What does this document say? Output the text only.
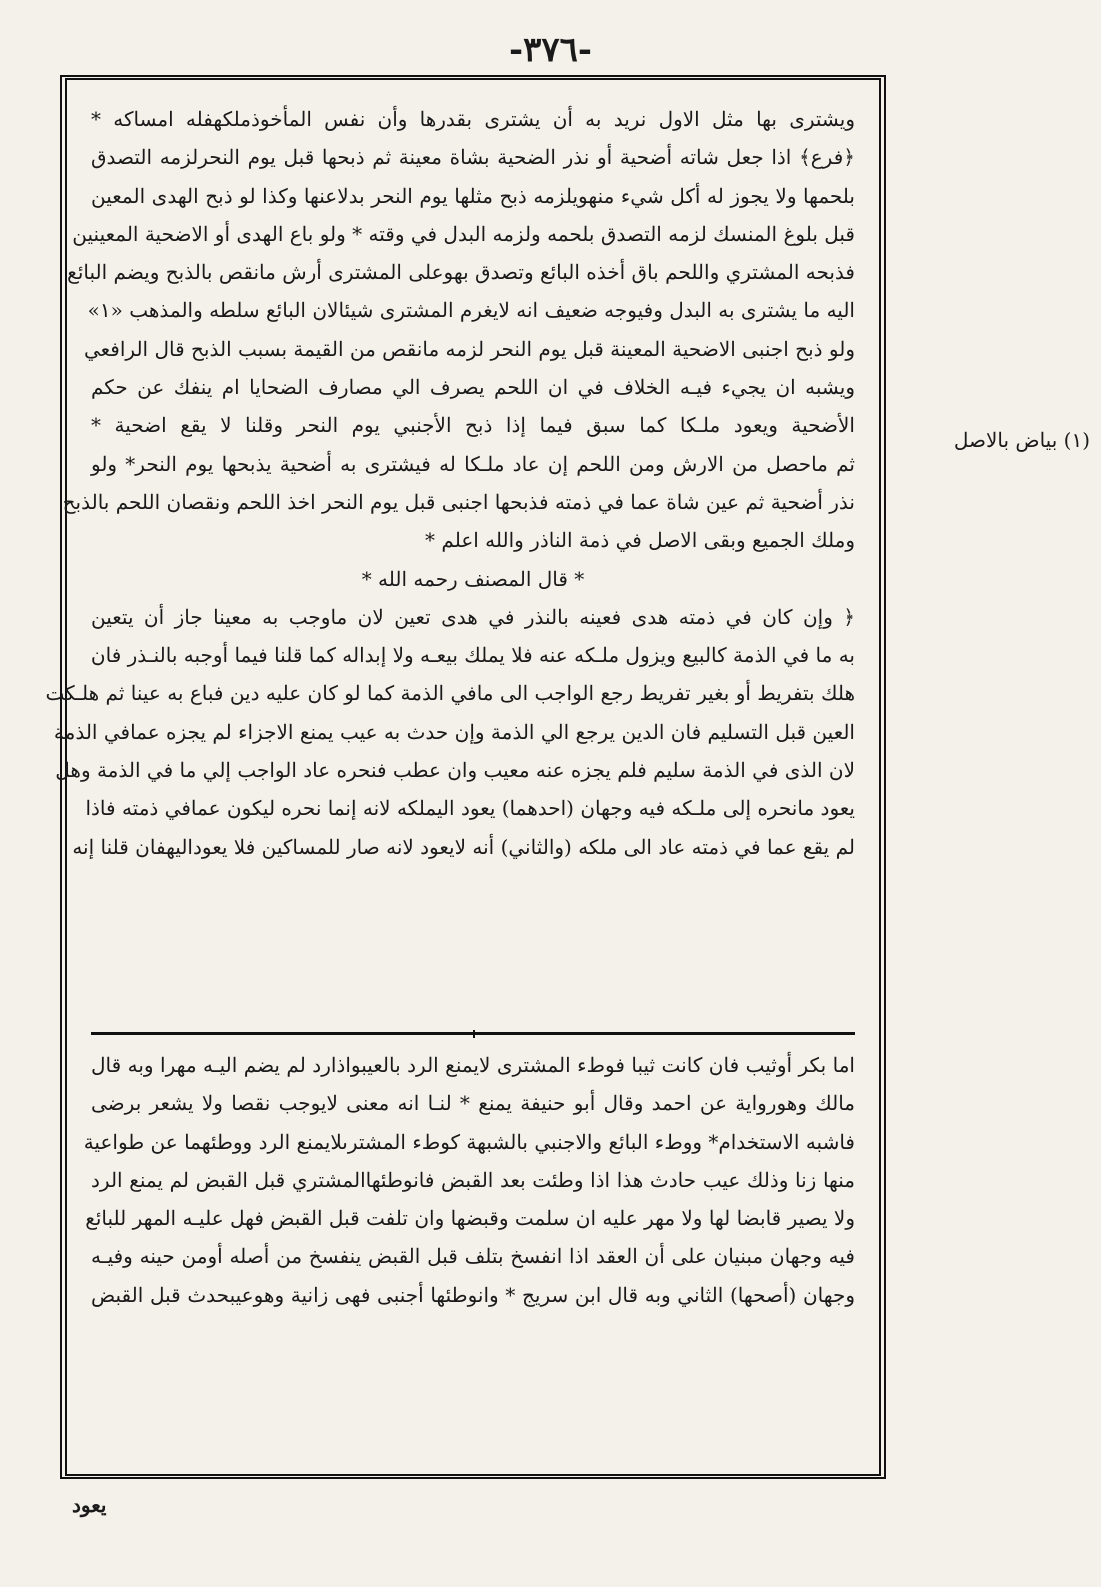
-٣٧٦-
(١) بياض بالاصل

ويشترى بها مثل الاول نريد به أن يشترى بقدرها وأن نفس المأخوذملكهفله امساكه *

﴿فرع﴾ اذا جعل شاته أضحية أو نذر الضحية بشاة معينة ثم ذبحها قبل يوم النحرلزمه التصدق

بلحمها ولا يجوز له أكل شيء منهويلزمه ذبح مثلها يوم النحر بدلاعنها وكذا لو ذبح الهدى المعين

قبل بلوغ المنسك لزمه التصدق بلحمه ولزمه البدل في وقته * ولو باع الهدى أو الاضحية المعينين

فذبحه المشتري واللحم باق أخذه البائع وتصدق بهوعلى المشترى أرش مانقص بالذبح ويضم البائع

اليه ما يشترى به البدل وفيوجه ضعيف انه لايغرم المشترى شيئالان البائع سلطه والمذهب «١»

ولو ذبح اجنبى الاضحية المعينة قبل يوم النحر لزمه مانقص من القيمة بسبب الذبح قال الرافعي

ويشبه ان يجيء فيـه الخلاف في ان اللحم يصرف الي مصارف الضحايا ام ينفك عن حكم

الأضحية ويعود ملـكا كما سبق فيما إذا ذبح الأجنبي يوم النحر وقلنا لا يقع اضحية *

ثم ماحصل من الارش ومن اللحم إن عاد ملـكا له فيشترى به أضحية يذبحها يوم النحر* ولو

نذر أضحية ثم عين شاة عما في ذمته فذبحها اجنبى قبل يوم النحر اخذ اللحم ونقصان اللحم بالذبح

وملك الجميع وبقى الاصل في ذمة الناذر والله اعلم *

* قال المصنف رحمه الله *

﴿ وإن كان في ذمته هدى فعينه بالنذر في هدى تعين لان ماوجب به معينا جاز أن يتعين

به ما في الذمة كالبيع ويزول ملـكه عنه فلا يملك بيعـه ولا إبداله كما قلنا فيما أوجبه بالنـذر فان

هلك بتفريط أو بغير تفريط رجع الواجب الى مافي الذمة كما لو كان عليه دين فباع به عينا ثم هلـكت

العين قبل التسليم فان الدين يرجع الي الذمة وإن حدث به عيب يمنع الاجزاء لم يجزه عمافي الذمة

لان الذى في الذمة سليم فلم يجزه عنه معيب وان عطب فنحره عاد الواجب إلي ما في الذمة وهل

يعود مانحره إلى ملـكه فيه وجهان (احدهما) يعود اليملكه لانه إنما نحره ليكون عمافي ذمته فاذا

لم يقع عما في ذمته عاد الى ملكه (والثاني) أنه لايعود لانه صار للمساكين فلا يعوداليهفان قلنا إنه

اما بكر أوثيب فان كانت ثيبا فوطء المشترى لايمنع الرد بالعيبواذارد لم يضم اليـه مهرا وبه قال

مالك وهورواية عن احمد وقال أبو حنيفة يمنع * لنـا انه معنى لايوجب نقصا ولا يشعر برضى

فاشبه الاستخدام* ووطء البائع والاجنبي بالشبهة كوطء المشترىلايمنع الرد ووطئهما عن طواعية

منها زنا وذلك عيب حادث هذا اذا وطئت بعد القبض فانوطئهاالمشتري قبل القبض لم يمنع الرد

ولا يصير قابضا لها ولا مهر عليه ان سلمت وقبضها وان تلفت قبل القبض فهل عليـه المهر للبائع

فيه وجهان مبنيان على أن العقد اذا انفسخ بتلف قبل القبض ينفسخ من أصله أومن حينه وفيـه

وجهان (أصحها) الثاني وبه قال ابن سريج * وانوطئها أجنبى فهى زانية وهوعيبحدث قبل القبض

يعود
